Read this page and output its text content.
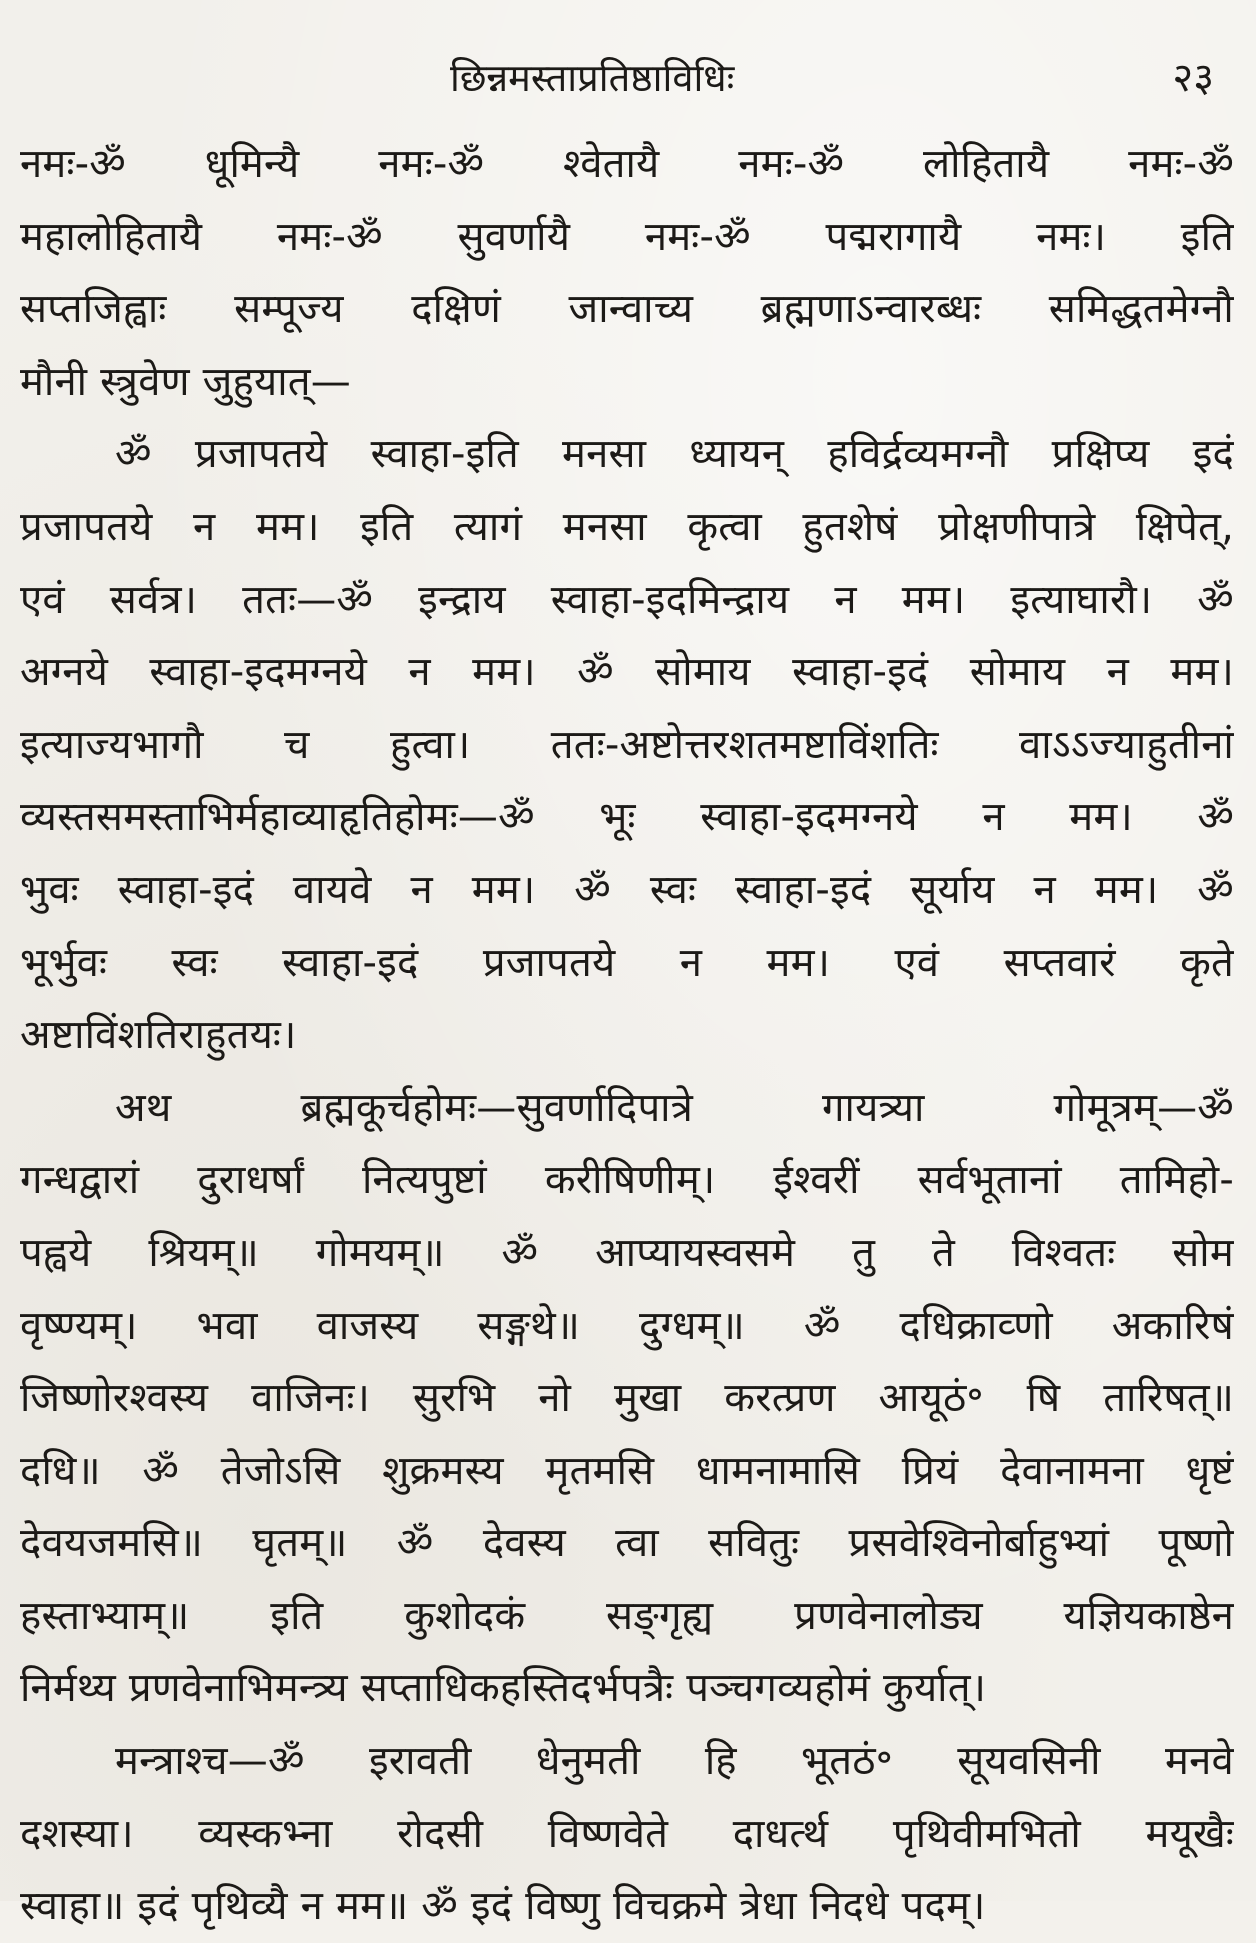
छिन्नमस्ताप्रतिष्ठाविधिः	२३
नमः-ॐ धूमिन्यै नमः-ॐ श्वेतायै नमः-ॐ लोहितायै नमः-ॐ
महालोहितायै नमः-ॐ सुवर्णायै नमः-ॐ पद्मरागायै नमः। इति
सप्तजिह्वाः सम्पूज्य दक्षिणं जान्वाच्य ब्रह्मणाऽन्वारब्धः समिद्धतमेग्नौ
मौनी स्त्रुवेण जुहुयात्—
ॐ प्रजापतये स्वाहा-इति मनसा ध्यायन् हविर्द्रव्यमग्नौ प्रक्षिप्य इदं
प्रजापतये न मम। इति त्यागं मनसा कृत्वा हुतशेषं प्रोक्षणीपात्रे क्षिपेत्,
एवं सर्वत्र। ततः—ॐ इन्द्राय स्वाहा-इदमिन्द्राय न मम। इत्याघारौ। ॐ
अग्नये स्वाहा-इदमग्नये न मम। ॐ सोमाय स्वाहा-इदं सोमाय न मम।
इत्याज्यभागौ च हुत्वा। ततः-अष्टोत्तरशतमष्टाविंशतिः वाऽऽज्याहुतीनां
व्यस्तसमस्ताभिर्महाव्याहृतिहोमः—ॐ भूः स्वाहा-इदमग्नये न मम। ॐ
भुवः स्वाहा-इदं वायवे न मम। ॐ स्वः स्वाहा-इदं सूर्याय न मम। ॐ
भूर्भुवः स्वः स्वाहा-इदं प्रजापतये न मम। एवं सप्तवारं कृते
अष्टाविंशतिराहुतयः।
अथ ब्रह्मकूर्चहोमः—सुवर्णादिपात्रे गायत्र्या गोमूत्रम्—ॐ
गन्धद्वारां दुराधर्षां नित्यपुष्टां करीषिणीम्। ईश्वरीं सर्वभूतानां तामिहो-
पह्वये श्रियम्॥ गोमयम्॥ ॐ आप्यायस्वसमे तु ते विश्वतः सोम
वृष्ण्यम्। भवा वाजस्य सङ्गथे॥ दुग्धम्॥ ॐ दधिक्राव्णो अकारिषं
जिष्णोरश्वस्य वाजिनः। सुरभि नो मुखा करत्प्रण आयूठं॰ षि तारिषत्॥
दधि॥ ॐ तेजोऽसि शुक्रमस्य मृतमसि धामनामासि प्रियं देवानामना धृष्टं
देवयजमसि॥ घृतम्॥ ॐ देवस्य त्वा सवितुः प्रसवेश्विनोर्बाहुभ्यां पूष्णो
हस्ताभ्याम्॥ इति कुशोदकं सङ्गृह्य प्रणवेनालोड्य यज्ञियकाष्ठेन
निर्मथ्य प्रणवेनाभिमन्त्र्य सप्ताधिकहस्तिदर्भपत्रैः पञ्चगव्यहोमं कुर्यात्।
मन्त्राश्च—ॐ इरावती धेनुमती हि भूतठं॰ सूयवसिनी मनवे
दशस्या। व्यस्कभ्ना रोदसी विष्णवेते दाधर्त्थ पृथिवीमभितो मयूखैः
स्वाहा॥ इदं पृथिव्यै न मम॥ ॐ इदं विष्णु विचक्रमे त्रेधा निदधे पदम्।
